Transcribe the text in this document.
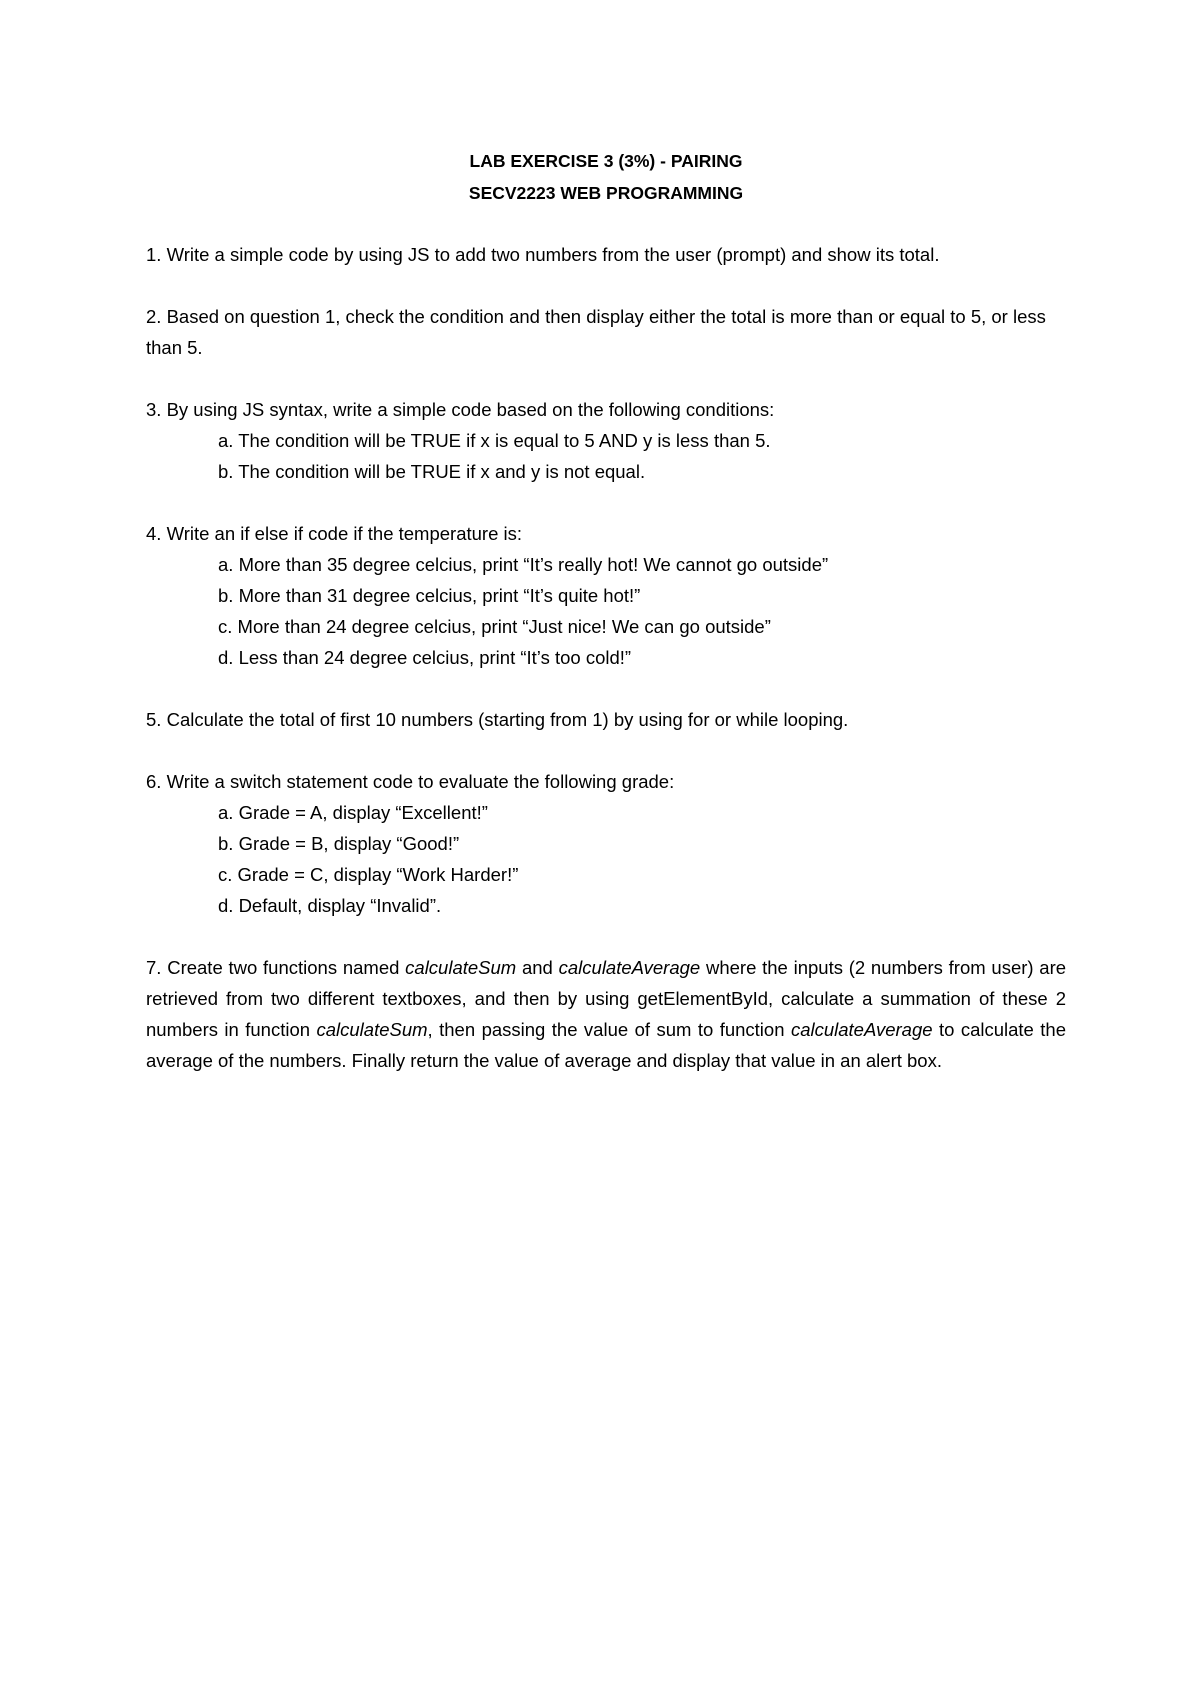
LAB EXERCISE 3 (3%) - PAIRING
SECV2223 WEB PROGRAMMING
1. Write a simple code by using JS to add two numbers from the user (prompt) and show its total.
2. Based on question 1, check the condition and then display either the total is more than or equal to 5, or less than 5.
3. By using JS syntax, write a simple code based on the following conditions:
a. The condition will be TRUE if x is equal to 5 AND y is less than 5.
b. The condition will be TRUE if x and y is not equal.
4. Write an if else if code if the temperature is:
a. More than 35 degree celcius, print “It’s really hot! We cannot go outside”
b. More than 31 degree celcius, print “It’s quite hot!”
c. More than 24 degree celcius, print “Just nice! We can go outside”
d. Less than 24 degree celcius, print “It’s too cold!”
5. Calculate the total of first 10 numbers (starting from 1) by using for or while looping.
6. Write a switch statement code to evaluate the following grade:
a. Grade = A, display “Excellent!”
b. Grade = B, display “Good!”
c. Grade = C, display “Work Harder!”
d. Default, display “Invalid”.
7. Create two functions named calculateSum and calculateAverage where the inputs (2 numbers from user) are retrieved from two different textboxes, and then by using getElementById, calculate a summation of these 2 numbers in function calculateSum, then passing the value of sum to function calculateAverage to calculate the average of the numbers. Finally return the value of average and display that value in an alert box.
